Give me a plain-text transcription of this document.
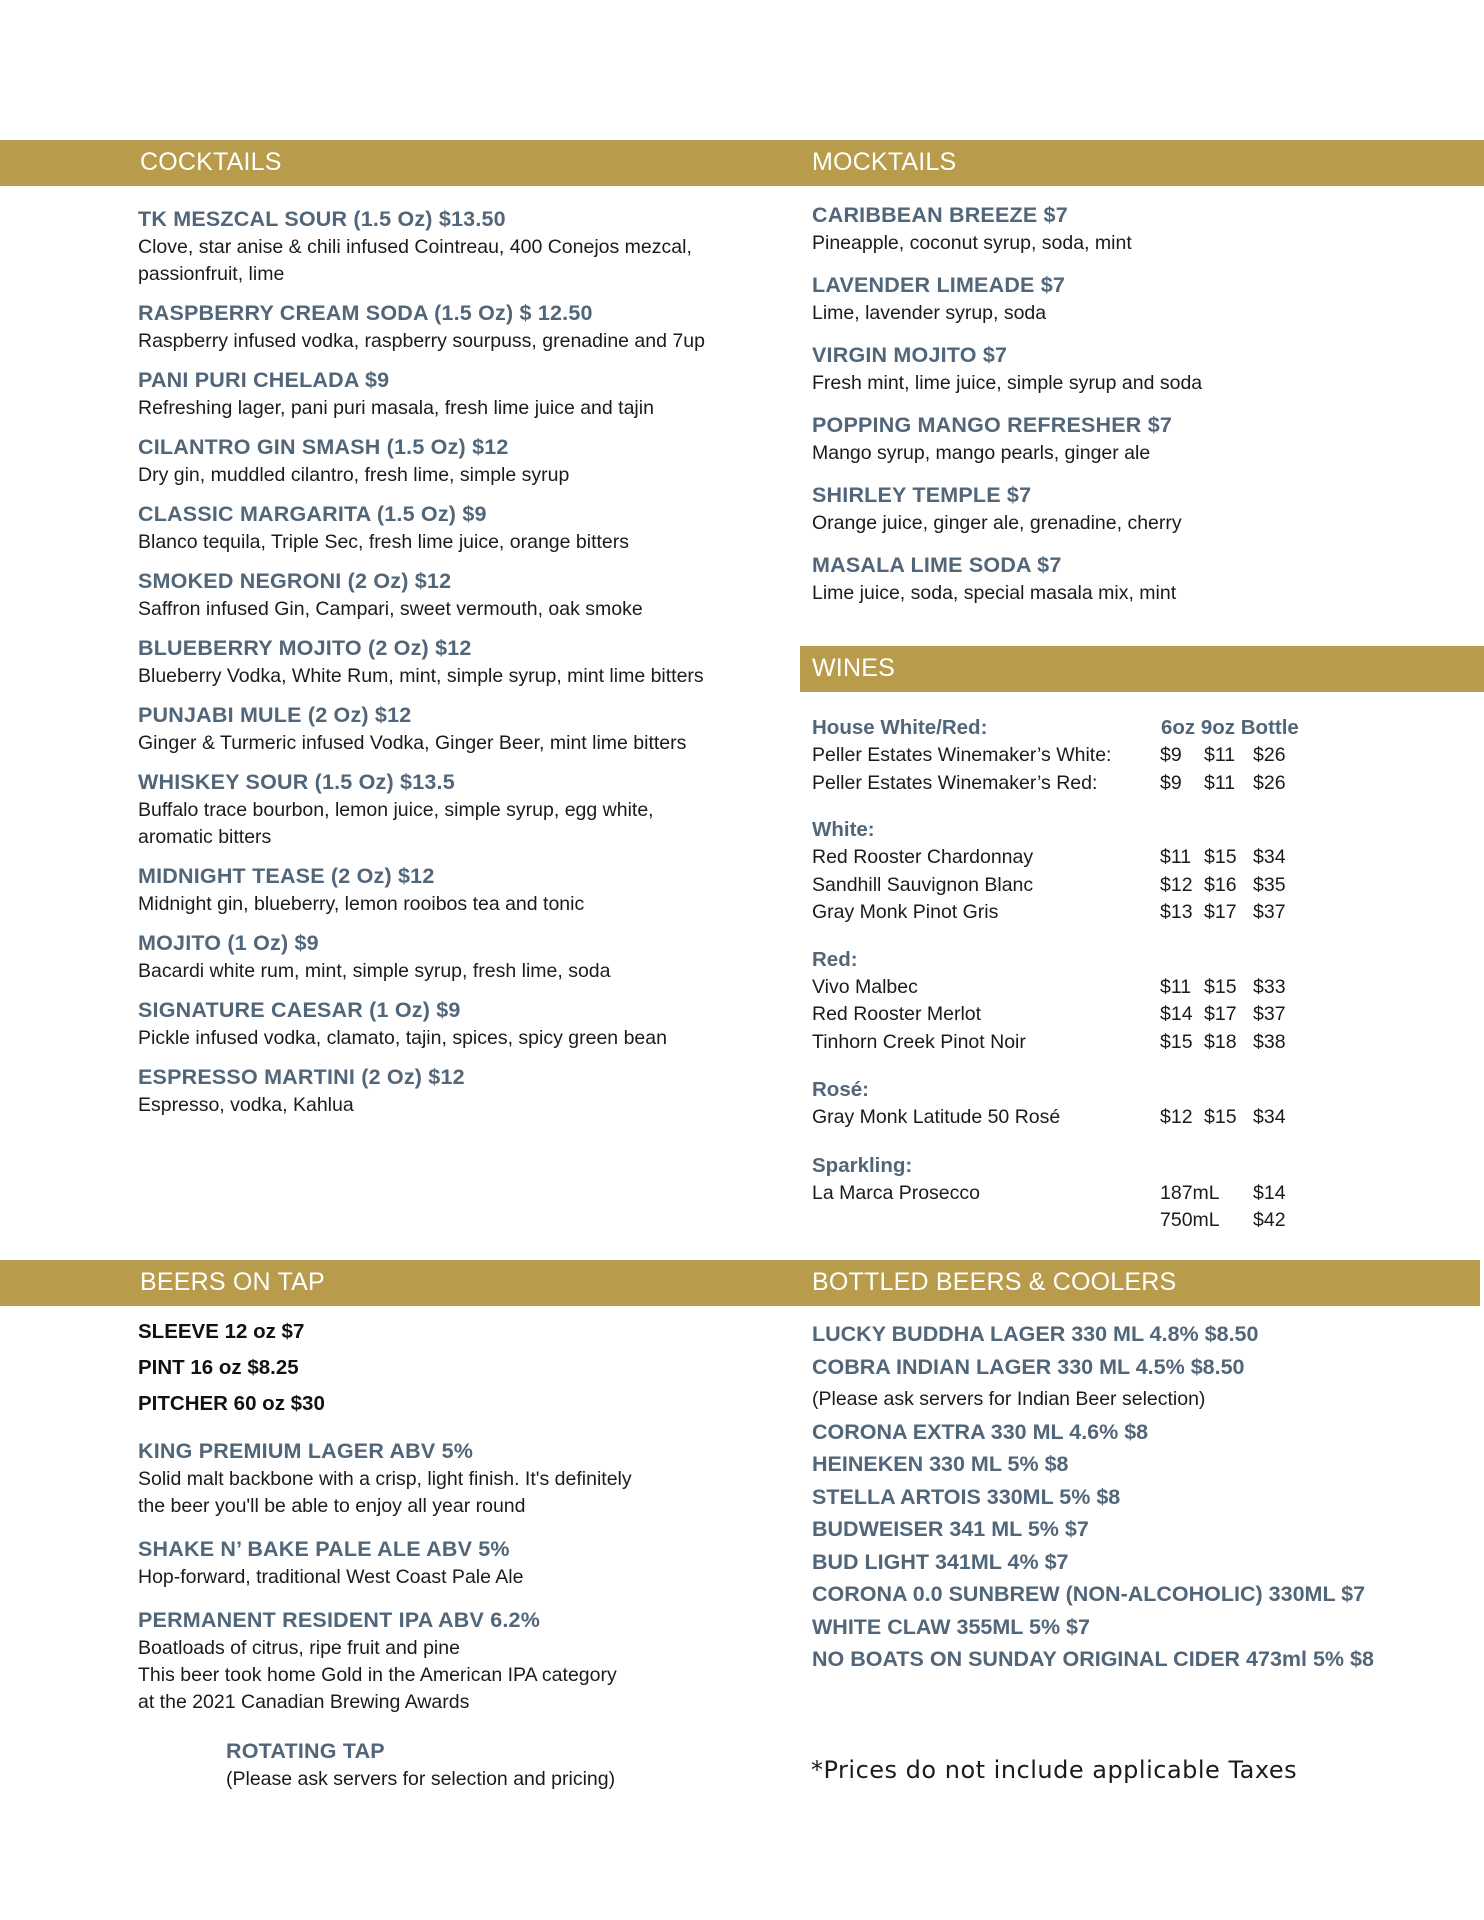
COCKTAILS	MOCKTAILS
WINES
BEERS ON TAP	BOTTLED BEERS & COOLERS
TK MESZCAL SOUR (1.5 Oz) $13.50
Clove, star anise & chili infused Cointreau, 400 Conejos mezcal,
passionfruit, lime
RASPBERRY CREAM SODA (1.5 Oz) $ 12.50
Raspberry infused vodka, raspberry sourpuss, grenadine and 7up
PANI PURI CHELADA $9
Refreshing lager, pani puri masala, fresh lime juice and tajin
CILANTRO GIN SMASH (1.5 Oz) $12
Dry gin, muddled cilantro, fresh lime, simple syrup
CLASSIC MARGARITA (1.5 Oz) $9
Blanco tequila, Triple Sec, fresh lime juice, orange bitters
SMOKED NEGRONI (2 Oz) $12
Saffron infused Gin, Campari, sweet vermouth, oak smoke
BLUEBERRY MOJITO (2 Oz) $12
Blueberry Vodka, White Rum, mint, simple syrup, mint lime bitters
PUNJABI MULE (2 Oz) $12
Ginger & Turmeric infused Vodka, Ginger Beer, mint lime bitters
WHISKEY SOUR (1.5 Oz) $13.5
Buffalo trace bourbon, lemon juice, simple syrup, egg white,
aromatic bitters
MIDNIGHT TEASE (2 Oz) $12
Midnight gin, blueberry, lemon rooibos tea and tonic
MOJITO (1 Oz) $9
Bacardi white rum, mint, simple syrup, fresh lime, soda
SIGNATURE CAESAR (1 Oz) $9
Pickle infused vodka, clamato, tajin, spices, spicy green bean
ESPRESSO MARTINI (2 Oz) $12
Espresso, vodka, Kahlua
CARIBBEAN BREEZE $7
Pineapple, coconut syrup, soda, mint
LAVENDER LIMEADE $7
Lime, lavender syrup, soda
VIRGIN MOJITO $7
Fresh mint, lime juice, simple syrup and soda
POPPING MANGO REFRESHER $7
Mango syrup, mango pearls, ginger ale
SHIRLEY TEMPLE $7
Orange juice, ginger ale, grenadine, cherry
MASALA LIME SODA $7
Lime juice, soda, special masala mix, mint
House White/Red:	6oz 9oz Bottle
Peller Estates Winemaker’s White: $9 $11 $26
Peller Estates Winemaker’s Red:	$9 $11 $26
White:
Red Rooster Chardonnay	$11 $15 $34
Sandhill Sauvignon Blanc	$12 $16 $35
Gray Monk Pinot Gris	$13 $17 $37
Red:
Vivo Malbec	$11 $15 $33
Red Rooster Merlot	$14 $17 $37
Tinhorn Creek Pinot Noir	$15 $18 $38
Rosé:
Gray Monk Latitude 50 Rosé	$12 $15 $34
Sparkling:
La Marca Prosecco	187mL $14
750mL $42
SLEEVE 12 oz $7
PINT 16 oz $8.25
PITCHER 60 oz $30
KING PREMIUM LAGER ABV 5%
Solid malt backbone with a crisp, light finish. It's definitely
the beer you'll be able to enjoy all year round
SHAKE N’ BAKE PALE ALE ABV 5%
Hop-forward, traditional West Coast Pale Ale
PERMANENT RESIDENT IPA ABV 6.2%
Boatloads of citrus, ripe fruit and pine
This beer took home Gold in the American IPA category
at the 2021 Canadian Brewing Awards
ROTATING TAP
(Please ask servers for selection and pricing)
LUCKY BUDDHA LAGER 330 ML 4.8% $8.50
COBRA INDIAN LAGER 330 ML 4.5% $8.50
(Please ask servers for Indian Beer selection)
CORONA EXTRA 330 ML 4.6% $8
HEINEKEN 330 ML 5% $8
STELLA ARTOIS 330ML 5% $8
BUDWEISER 341 ML 5% $7
BUD LIGHT 341ML 4% $7
CORONA 0.0 SUNBREW (NON-ALCOHOLIC) 330ML $7
WHITE CLAW 355ML 5% $7
NO BOATS ON SUNDAY ORIGINAL CIDER 473ml 5% $8
*Prices do not include applicable Taxes
